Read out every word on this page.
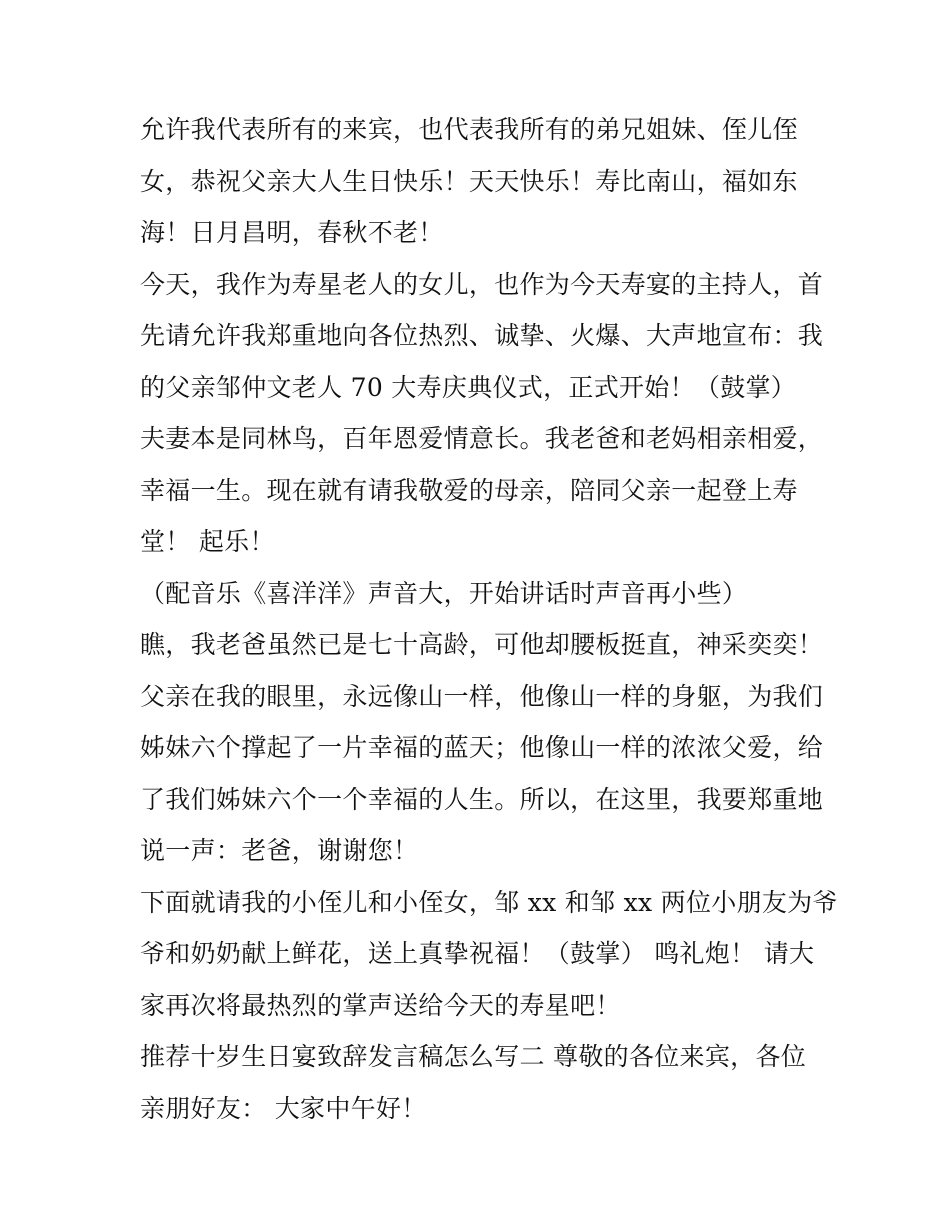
允许我代表所有的来宾，也代表我所有的弟兄姐妹、侄儿侄
女，恭祝父亲大人生日快乐！天天快乐！寿比南山，福如东
海！日月昌明，春秋不老！
今天，我作为寿星老人的女儿，也作为今天寿宴的主持人，首
先请允许我郑重地向各位热烈、诚挚、火爆、大声地宣布：我
的父亲邹仲文老人 70 大寿庆典仪式，正式开始！（鼓掌）
夫妻本是同林鸟，百年恩爱情意长。我老爸和老妈相亲相爱，
幸福一生。现在就有请我敬爱的母亲，陪同父亲一起登上寿
堂！ 起乐！
（配音乐《喜洋洋》声音大，开始讲话时声音再小些）
瞧，我老爸虽然已是七十高龄，可他却腰板挺直，神采奕奕！
父亲在我的眼里，永远像山一样，他像山一样的身躯，为我们
姊妹六个撑起了一片幸福的蓝天；他像山一样的浓浓父爱，给
了我们姊妹六个一个幸福的人生。所以，在这里，我要郑重地
说一声：老爸，谢谢您！
下面就请我的小侄儿和小侄女，邹 xx 和邹 xx 两位小朋友为爷
爷和奶奶献上鲜花，送上真挚祝福！（鼓掌） 鸣礼炮！ 请大
家再次将最热烈的掌声送给今天的寿星吧！
推荐十岁生日宴致辞发言稿怎么写二 尊敬的各位来宾，各位
亲朋好友： 大家中午好！
